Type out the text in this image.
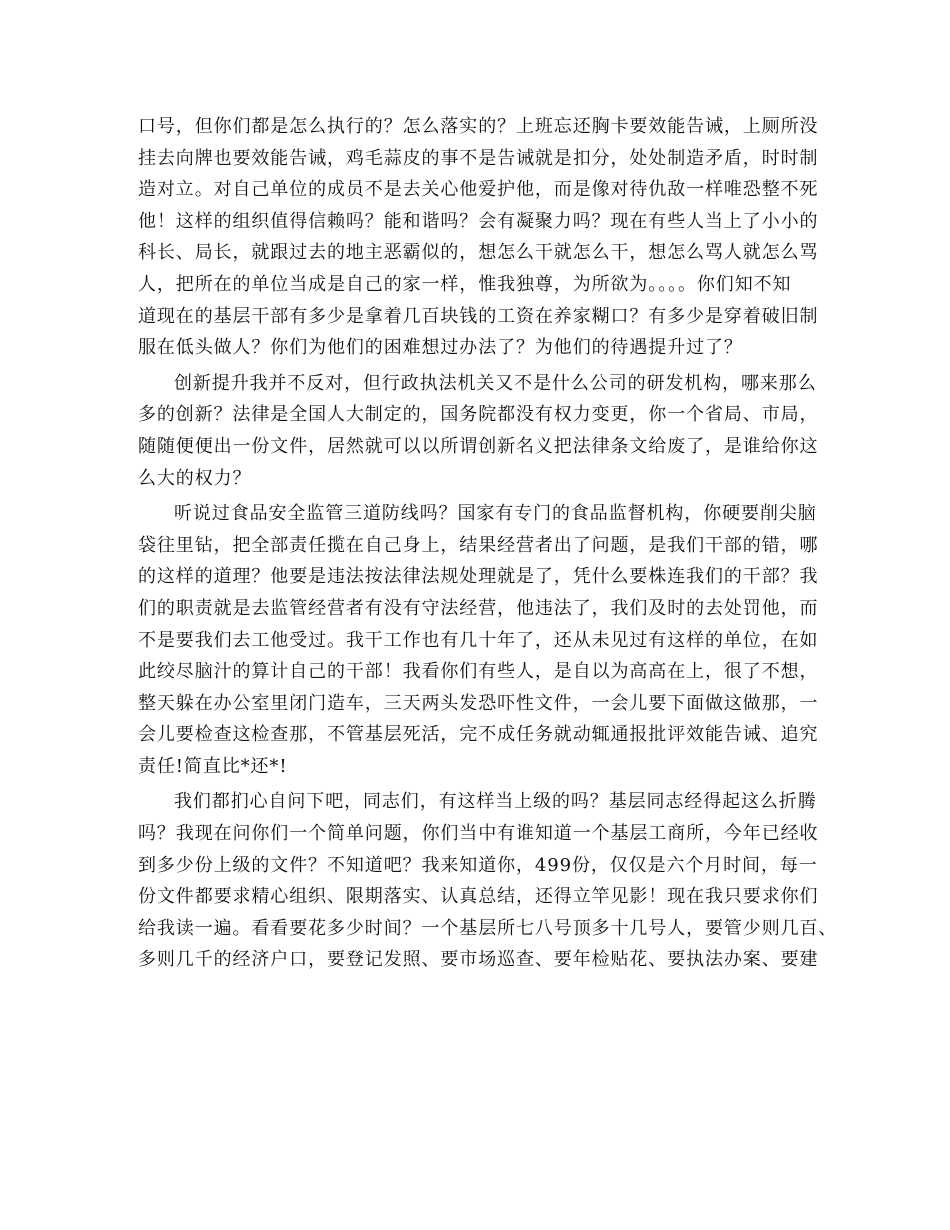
口号，但你们都是怎么执行的？怎么落实的？上班忘还胸卡要效能告诫，上厕所没
挂去向牌也要效能告诫，鸡毛蒜皮的事不是告诫就是扣分，处处制造矛盾，时时制
造对立。对自己单位的成员不是去关心他爱护他，而是像对待仇敌一样唯恐整不死
他！这样的组织值得信赖吗？能和谐吗？会有凝聚力吗？现在有些人当上了小小的
科长、局长，就跟过去的地主恶霸似的，想怎么干就怎么干，想怎么骂人就怎么骂
人，把所在的单位当成是自己的家一样，惟我独尊，为所欲为。。。。你们知不知
道现在的基层干部有多少是拿着几百块钱的工资在养家糊口？有多少是穿着破旧制
服在低头做人？你们为他们的困难想过办法了？为他们的待遇提升过了？
创新提升我并不反对，但行政执法机关又不是什么公司的研发机构，哪来那么
多的创新？法律是全国人大制定的，国务院都没有权力变更，你一个省局、市局，
随随便便出一份文件，居然就可以以所谓创新名义把法律条文给废了，是谁给你这
么大的权力？
听说过食品安全监管三道防线吗？国家有专门的食品监督机构，你硬要削尖脑
袋往里钻，把全部责任揽在自己身上，结果经营者出了问题，是我们干部的错，哪
的这样的道理？他要是违法按法律法规处理就是了，凭什么要株连我们的干部？我
们的职责就是去监管经营者有没有守法经营，他违法了，我们及时的去处罚他，而
不是要我们去工他受过。我干工作也有几十年了，还从未见过有这样的单位，在如
此绞尽脑汁的算计自己的干部！我看你们有些人，是自以为高高在上，很了不想，
整天躲在办公室里闭门造车，三天两头发恐吓性文件，一会儿要下面做这做那，一
会儿要检查这检查那，不管基层死活，完不成任务就动辄通报批评效能告诫、追究
责任!简直比*还*!
我们都扪心自问下吧，同志们，有这样当上级的吗？基层同志经得起这么折腾
吗？我现在问你们一个简单问题，你们当中有谁知道一个基层工商所，今年已经收
到多少份上级的文件？不知道吧？我来知道你，499份，仅仅是六个月时间，每一
份文件都要求精心组织、限期落实、认真总结，还得立竿见影！现在我只要求你们
给我读一遍。看看要花多少时间？一个基层所七八号顶多十几号人，要管少则几百、
多则几千的经济户口，要登记发照、要市场巡查、要年检贴花、要执法办案、要建
